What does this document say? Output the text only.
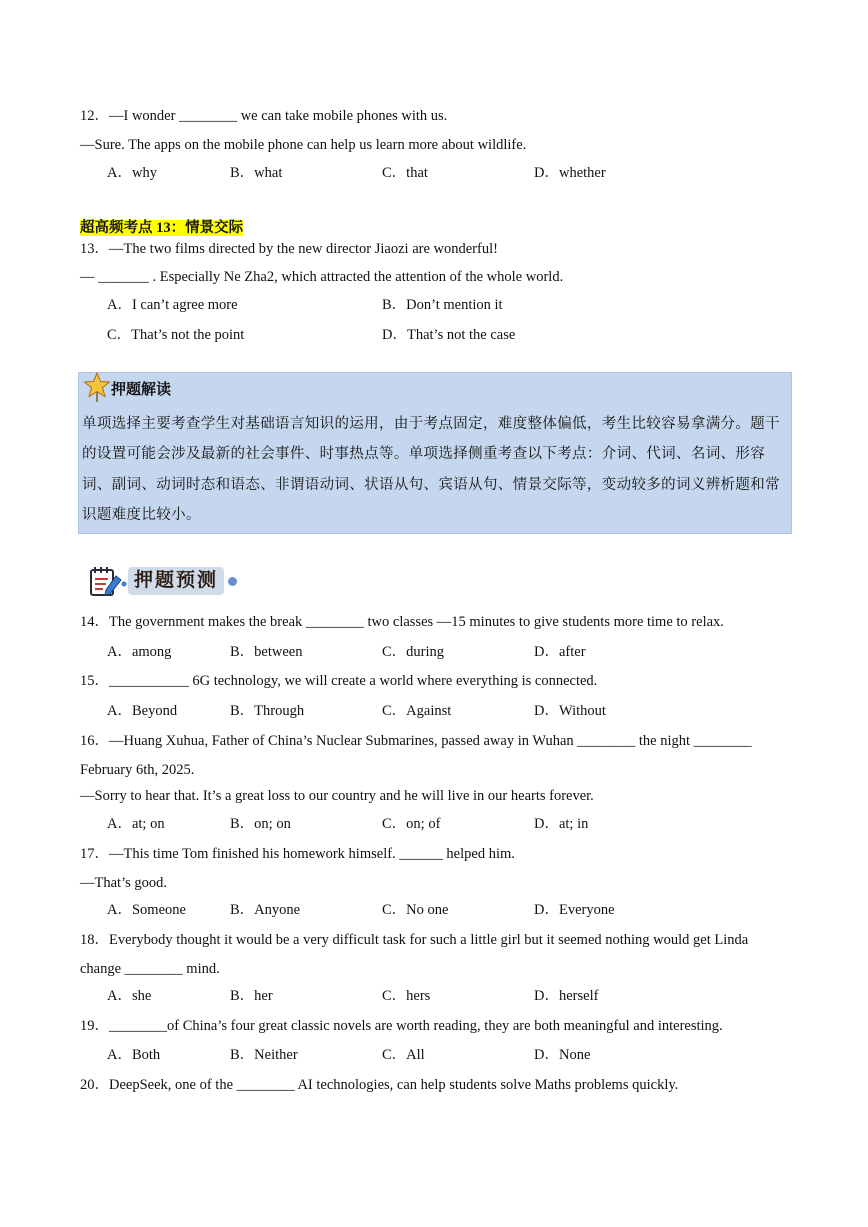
12．—I wonder ________ we can take mobile phones with us.
—Sure. The apps on the mobile phone can help us learn more about wildlife.
A．why	B．what	C．that	D．whether
超高频考点 13：情景交际
13．—The two films directed by the new director Jiaozi are wonderful!
— _______ . Especially Ne Zha2, which attracted the attention of the whole world.
A．I can’t agree more	B．Don’t mention it
C．That’s not the point	D．That’s not the case
押题解读
单项选择主要考查学生对基础语言知识的运用，由于考点固定，难度整体偏低，考生比较容易拿满分。题干的设置可能会涉及最新的社会事件、时事热点等。单项选择侧重考查以下考点：介词、代词、名词、形容词、副词、动词时态和语态、非谓语动词、状语从句、宾语从句、情景交际等，变动较多的词义辨析题和常识题难度比较小。
押题预测
14．The government makes the break ________ two classes —15 minutes to give students more time to relax.
A．among	B．between	C．during	D．after
15．___________ 6G technology, we will create a world where everything is connected.
A．Beyond	B．Through	C．Against	D．Without
16．—Huang Xuhua, Father of China’s Nuclear Submarines, passed away in Wuhan ________ the night ________
February 6th, 2025.
—Sorry to hear that. It’s a great loss to our country and he will live in our hearts forever.
A．at; on	B．on; on	C．on; of	D．at; in
17．—This time Tom finished his homework himself. ______ helped him.
—That’s good.
A．Someone	B．Anyone	C．No one	D．Everyone
18．Everybody thought it would be a very difficult task for such a little girl but it seemed nothing would get Linda
change ________ mind.
A．she	B．her	C．hers	D．herself
19．________of China’s four great classic novels are worth reading, they are both meaningful and interesting.
A．Both	B．Neither	C．All	D．None
20．DeepSeek, one of the ________ AI technologies, can help students solve Maths problems quickly.
